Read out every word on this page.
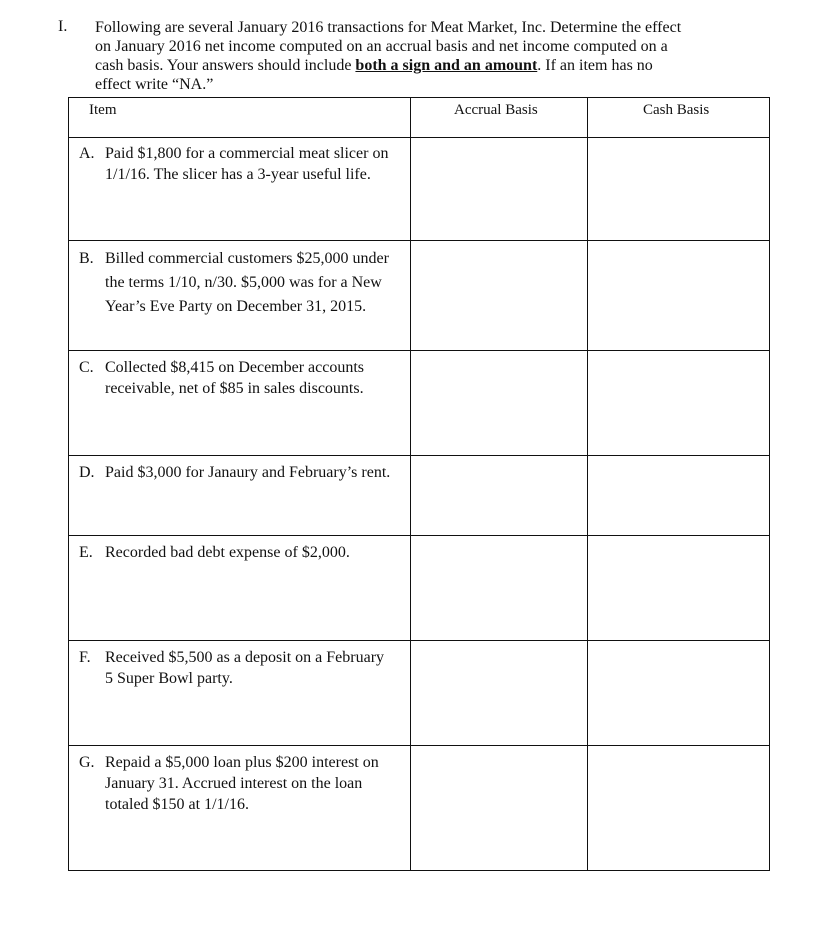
I. Following are several January 2016 transactions for Meat Market, Inc. Determine the effect
on January 2016 net income computed on an accrual basis and net income computed on a
cash basis. Your answers should include both a sign and an amount. If an item has no
effect write “NA.”
Item	Accrual Basis	Cash Basis
A. Paid $1,800 for a commercial meat slicer on 1/1/16. The slicer has a 3-year useful life.
B. Billed commercial customers $25,000 under the terms 1/10, n/30. $5,000 was for a New Year’s Eve Party on December 31, 2015.
C. Collected $8,415 on December accounts receivable, net of $85 in sales discounts.
D. Paid $3,000 for Janaury and February’s rent.
E. Recorded bad debt expense of $2,000.
F. Received $5,500 as a deposit on a February 5 Super Bowl party.
G. Repaid a $5,000 loan plus $200 interest on January 31. Accrued interest on the loan totaled $150 at 1/1/16.
